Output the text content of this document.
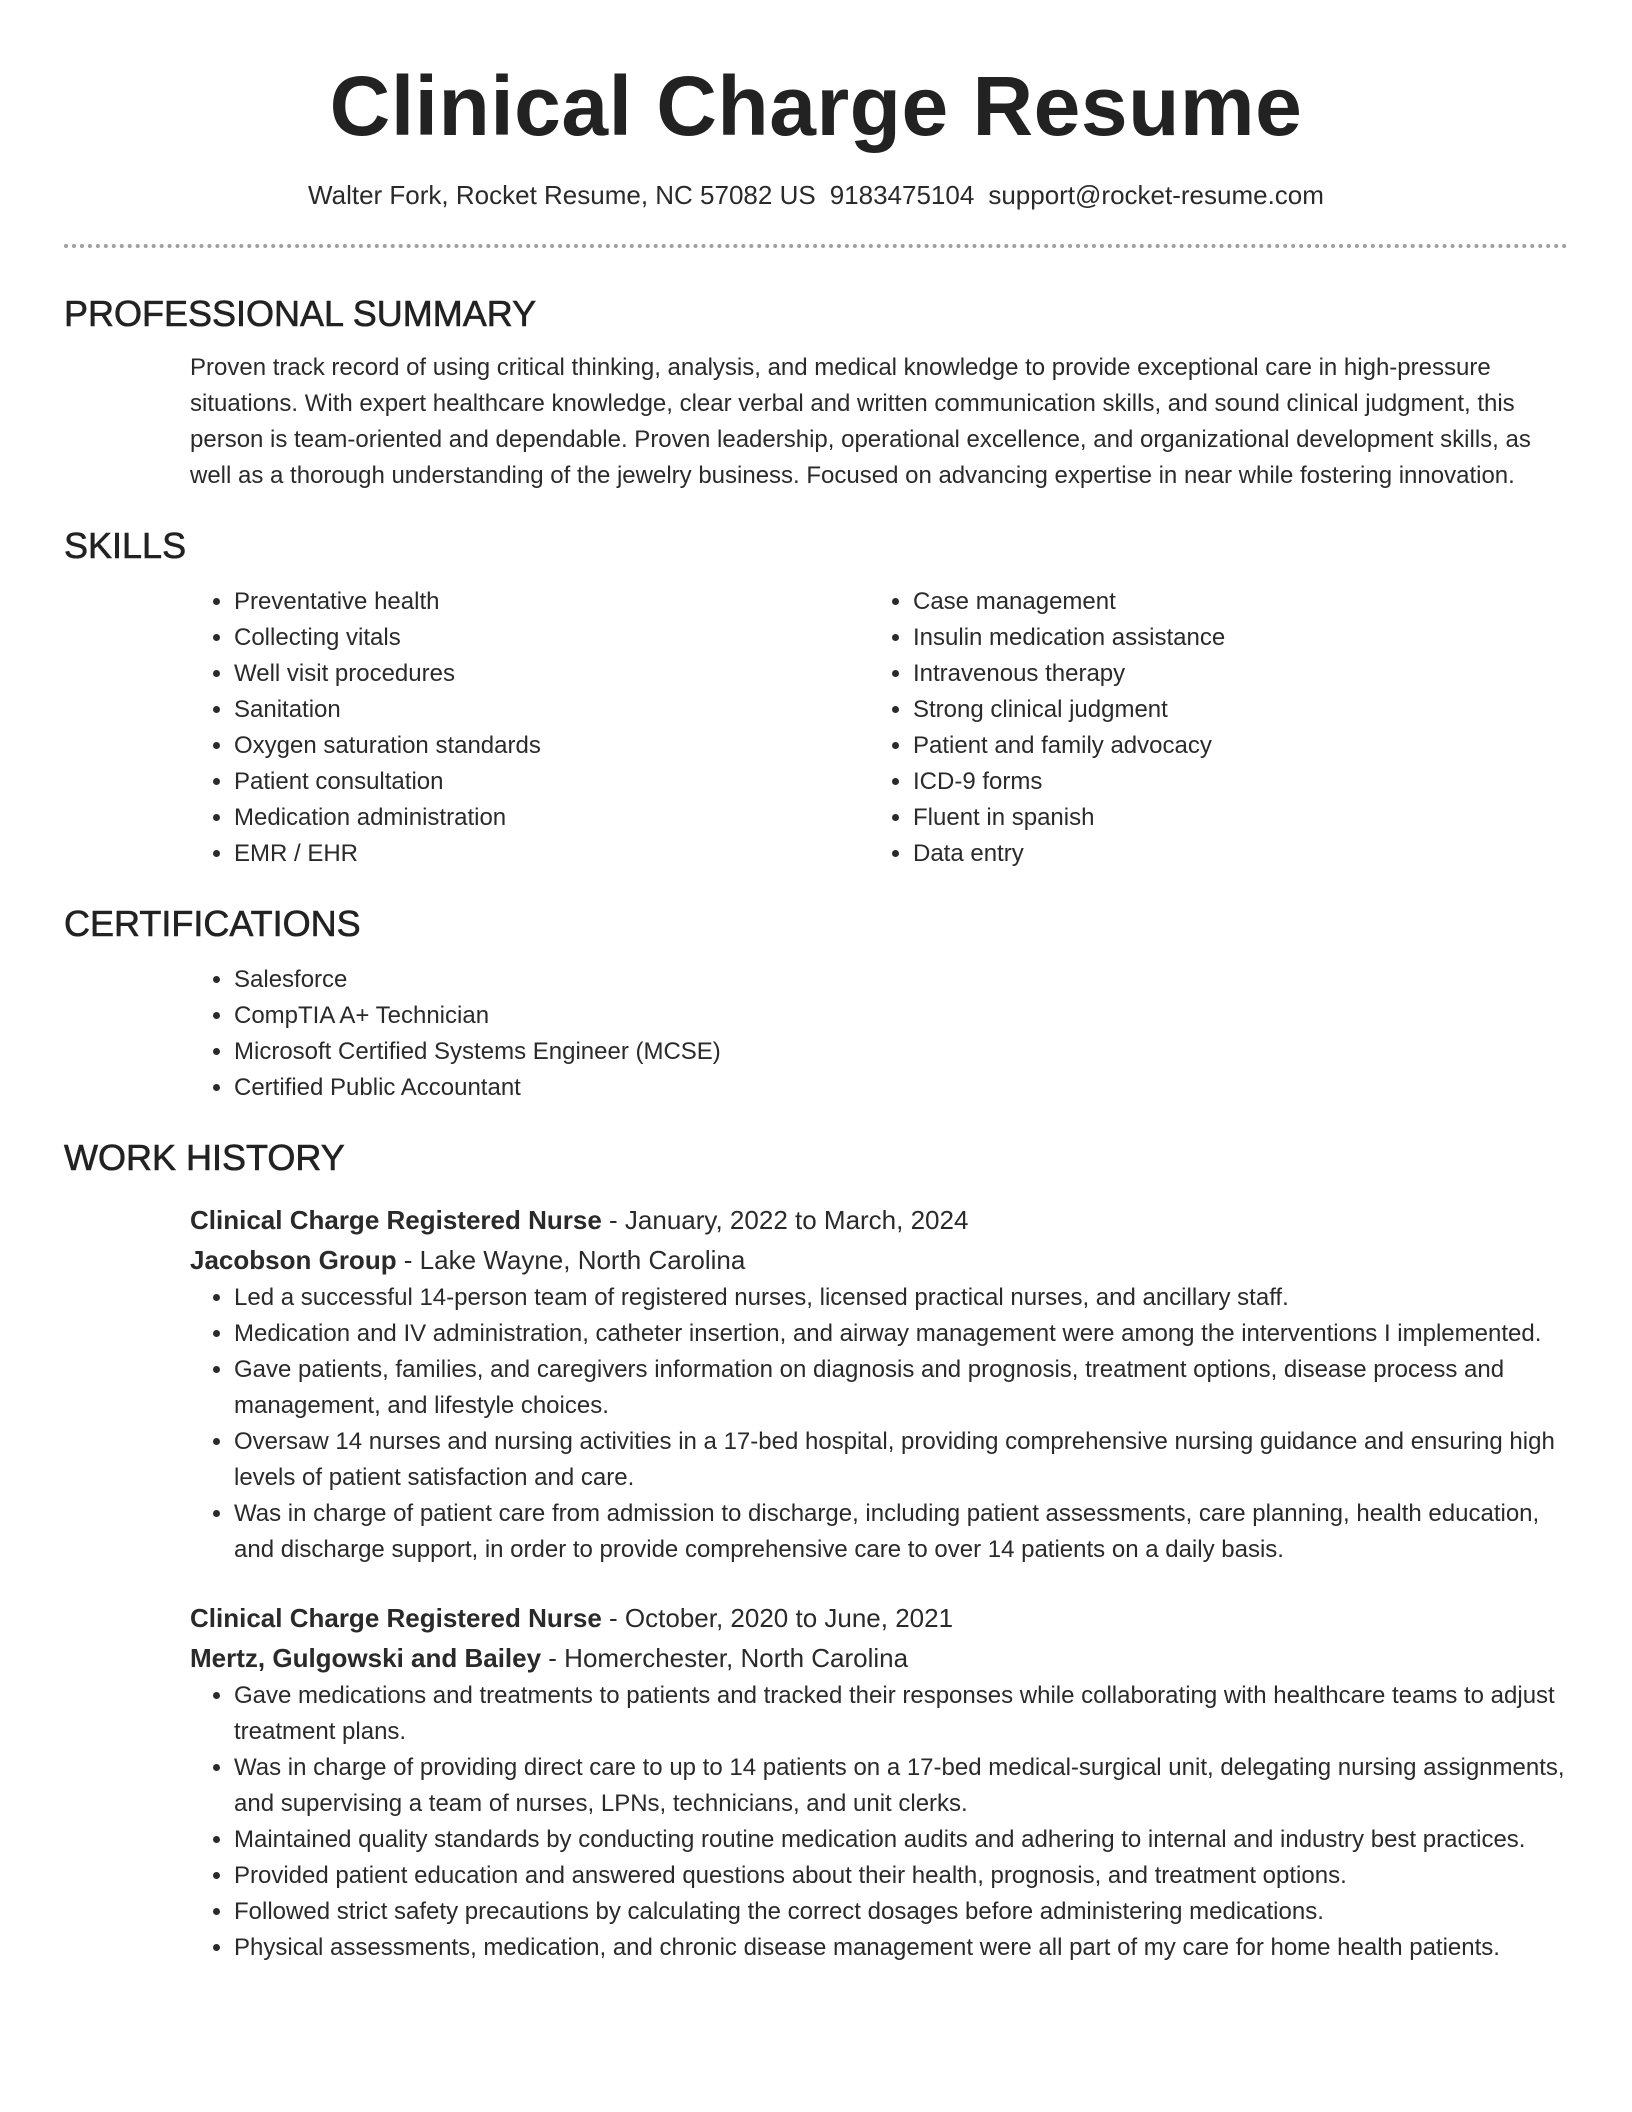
Clinical Charge Resume
Walter Fork, Rocket Resume, NC 57082 US 9183475104 support@rocket-resume.com
PROFESSIONAL SUMMARY

Proven track record of using critical thinking, analysis, and medical knowledge to provide exceptional care in high-pressure situations. With expert healthcare knowledge, clear verbal and written communication skills, and sound clinical judgment, this person is team-oriented and dependable. Proven leadership, operational excellence, and organizational development skills, as well as a thorough understanding of the jewelry business. Focused on advancing expertise in near while fostering innovation.

SKILLS
• Preventative health
• Collecting vitals
• Well visit procedures
• Sanitation
• Oxygen saturation standards
• Patient consultation
• Medication administration
• EMR / EHR
• Case management
• Insulin medication assistance
• Intravenous therapy
• Strong clinical judgment
• Patient and family advocacy
• ICD-9 forms
• Fluent in spanish
• Data entry
CERTIFICATIONS
• Salesforce
• CompTIA A+ Technician
• Microsoft Certified Systems Engineer (MCSE)
• Certified Public Accountant
WORK HISTORY
Clinical Charge Registered Nurse - January, 2022 to March, 2024
Jacobson Group - Lake Wayne, North Carolina
• Led a successful 14-person team of registered nurses, licensed practical nurses, and ancillary staff.
• Medication and IV administration, catheter insertion, and airway management were among the interventions I implemented.
• Gave patients, families, and caregivers information on diagnosis and prognosis, treatment options, disease process and management, and lifestyle choices.
• Oversaw 14 nurses and nursing activities in a 17-bed hospital, providing comprehensive nursing guidance and ensuring high levels of patient satisfaction and care.
• Was in charge of patient care from admission to discharge, including patient assessments, care planning, health education, and discharge support, in order to provide comprehensive care to over 14 patients on a daily basis.
Clinical Charge Registered Nurse - October, 2020 to June, 2021
Mertz, Gulgowski and Bailey - Homerchester, North Carolina
• Gave medications and treatments to patients and tracked their responses while collaborating with healthcare teams to adjust treatment plans.
• Was in charge of providing direct care to up to 14 patients on a 17-bed medical-surgical unit, delegating nursing assignments, and supervising a team of nurses, LPNs, technicians, and unit clerks.
• Maintained quality standards by conducting routine medication audits and adhering to internal and industry best practices.
• Provided patient education and answered questions about their health, prognosis, and treatment options.
• Followed strict safety precautions by calculating the correct dosages before administering medications.
• Physical assessments, medication, and chronic disease management were all part of my care for home health patients.
